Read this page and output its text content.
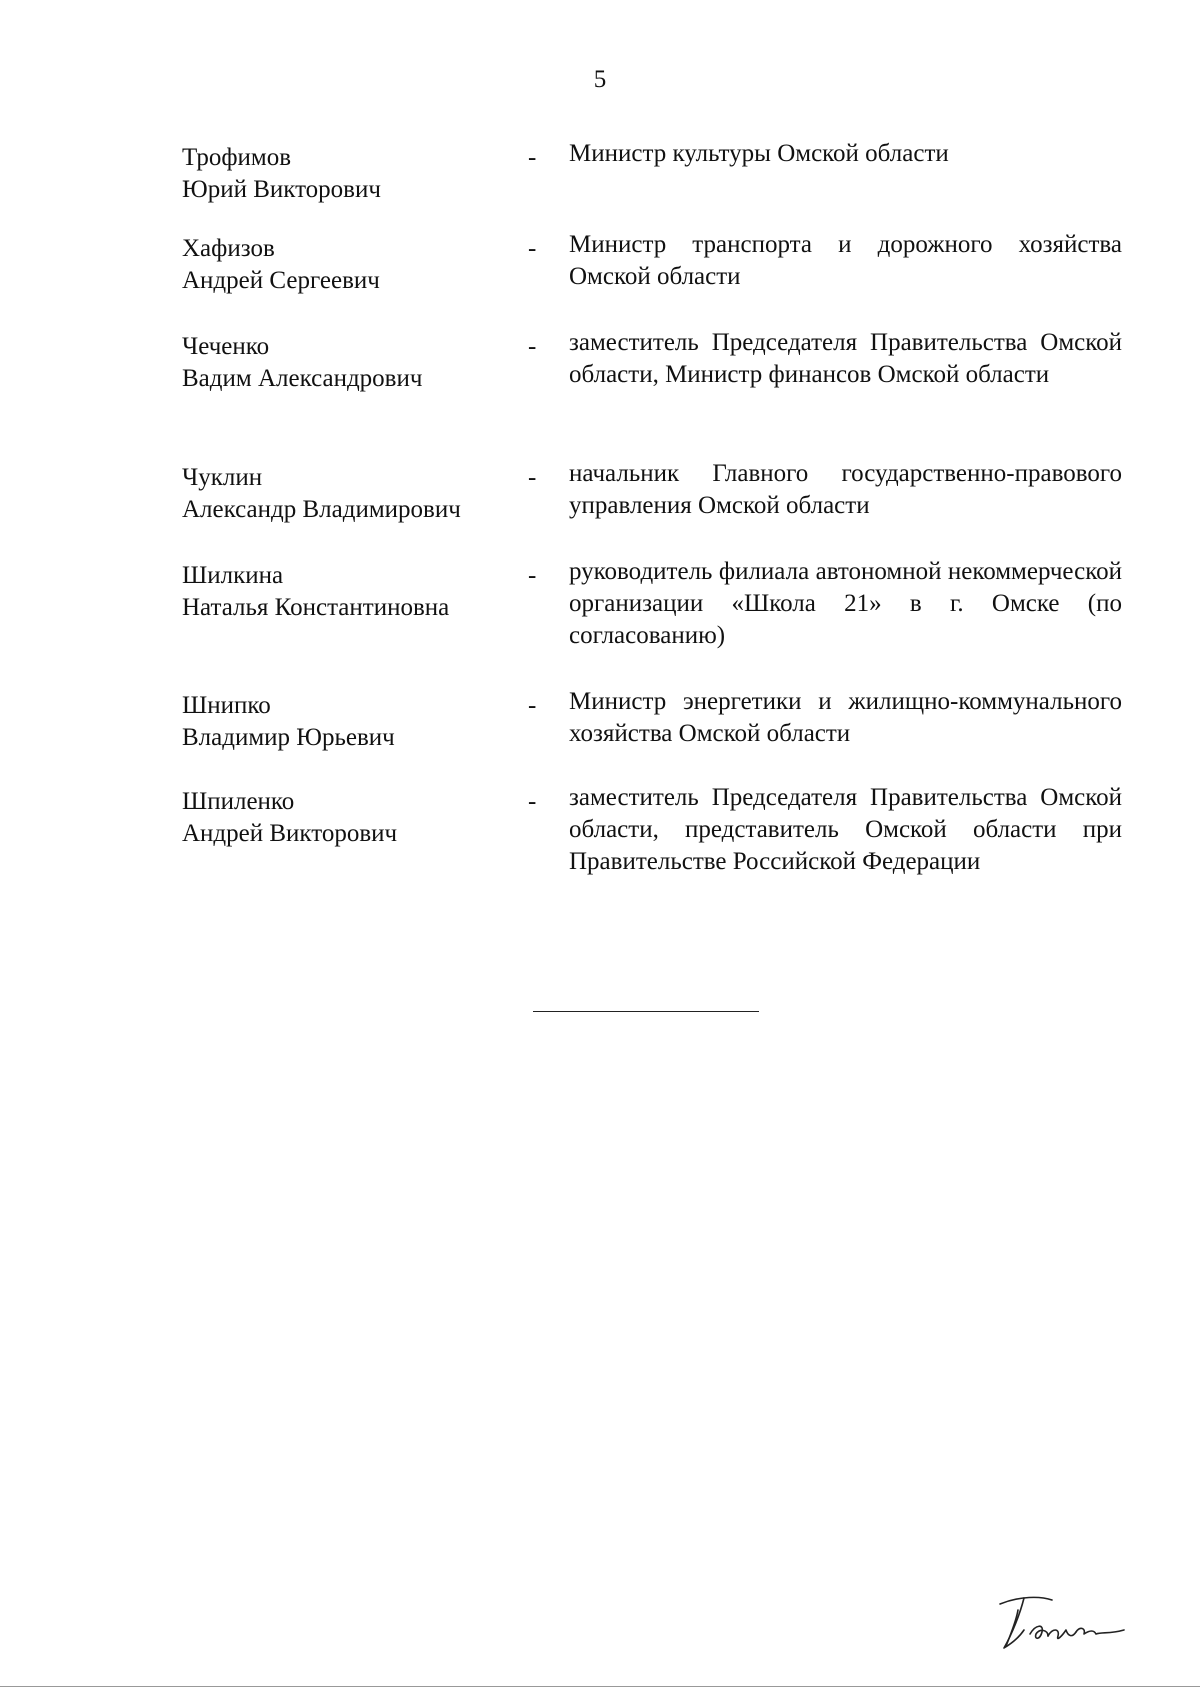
5
Трофимов
Юрий Викторович
- Министр культуры Омской области
Хафизов
Андрей Сергеевич
- Министр транспорта и дорожного хозяйства Омской области
Чеченко
Вадим Александрович
- заместитель Председателя Правительства Омской области, Министр финансов Омской области
Чуклин
Александр Владимирович
- начальник Главного государственно-правового управления Омской области
Шилкина
Наталья Константиновна
- руководитель филиала автономной некоммерческой организации «Школа 21» в г. Омске (по согласованию)
Шнипко
Владимир Юрьевич
- Министр энергетики и жилищно-коммунального хозяйства Омской области
Шпиленко
Андрей Викторович
- заместитель Председателя Правительства Омской области, представитель Омской области при Правительстве Российской Федерации
